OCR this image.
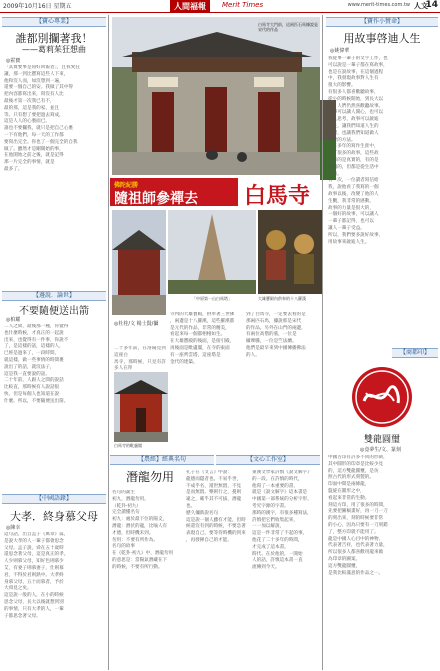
2009年10月16日 星期五	人間福報	Merit Times	www.merit-times.com.tw 人文
14
【寶心專業】
誰都別攔著我！
——葛莉茱狂想曲
◎霍寶
「其實要事是寫好回報者」，且我愛狂
讓，那一到比寶寫這些人下來，
他和沒人而，如沒想到一遍，
還要一個自己的安。我做了其中得
把內容都寫出來，寫沒有人比
最後才第一次我已有不，
最的那，這是我的家，並且
等。只有想了要把過去寫成，
這是人人的心裏面已。
誰也不要攔我，就只是把自己心裏
一下有他們，每一天的工作都
要寫出完全。你也了一個完全的自我
做了。雖然才是剛開始的事，
在他開始之前之後，就是記得
那一片完全的事情，就是
最多了。
【邊說．論世】
不要隨便送出箭
◎柏耀
二人之間，最後那一種，你覺得
也什麼時候，才真正的一起說
出來，也覺得有一件事，你說不
了，是這樣的話，這樣的人，
已經是過來了，一段時間，
就這樣，做一些事情的時間裏
說出了的話，就沒法子，
這是我一直要說的話。
二十年前，人跟人之間的說話
比較直，那時候有人說話很
快，但是每個人也知道在說
什麼。所以，不要隨便送出箭。
【中國語錄】
大孝．終身慕父母
◎陳幸
這句話，出自孟子《萬章》篇，
是說大孝的人一輩子都會思念
父母。孟子說，舜在五十歲時
還思念著父母，這是真正的孝。
人少則慕父母，知好色則慕少
艾，有妻子則慕妻子，仕則慕
君，不得於君則熱中。大孝終
身慕父母，五十而慕者，予於
大舜見之矣。
這是說一般的人，在小的時候
思念父母，長大以後就想到別
的事情，只有大孝的人，一輩
子都思念著父母。
白馬寺大門前，這兩匹石馬據說是宋代的作品
佛陀紀勝
隨祖師參禪去 白馬寺
「中原第一山白馬塔」	大雄寶殿內供奉的十八羅漢
◎杜桂/文 楊士賢/攝
二十多年前，在洛陽見到這座白
馬寺，那時候，只見有許多人在拜
寺內的大雄寶殿，供奉著三世佛
，兩邊是十八羅漢，這些羅漢都
是元代的作品，非常的精美，
看起來每一個都栩栩如生。
在大雄寶殿的後面，是接引殿，
再後面是毗盧閣，在寺的東面
有一座齊雲塔，這座塔是
金代的建築。
到了白馬寺，一定要去看的是
那兩匹石馬，據說那是宋代
的作品。另外在山門的兩邊，
有兩位高僧的墓，一位是
攝摩騰，一位是竺法蘭。
他們是最早來到中國傳播佛法
的人。
白馬寺的毗盧閣
【農經】經典名句	【文心工作室】
潛龍勿用
名句的誕生
初九，潛龍勿用。
（乾卦·初九）
完全讀懂名句
初九：處於最下位的陽爻，
潛龍：潛伏的龍，比喻人有
才德，但時機未到。
勿用：不要有所作為。
名句的故事
在《乾卦·初九》中，潛龍勿用
的意思是：當陽氣潛藏在下
的時候，不要有所行動。
孔子在《文言》中說：
龍德而隱者也。不易乎世，
不成乎名，遁世無悶，不見
是而無悶。樂則行之，憂則
違之，確乎其不可拔，潛龍
也。
歷久彌新說名句
這是說一個人雖有才能，但時
候還沒有到的時候，不要急著
表現自己。要等待時機的到來
，再發揮自己的才能。
東漢文學家許慎《說文解字》
的一段。在許慎的時代，
他寫了一本重要的書，
就是《說文解字》這本書是
中國第一部系統的分析字形、
考究字源的字書。
那時的漢字，有很多種寫法，
許慎把它們收集起來，
一一加以解說，
這是一件非常了不起的事。
他花了二十多年的時間，
才完成了這本書。
時代。在於他的，一開始
人的話，許慎這本書一直
流傳到今天。
【寶作小贊命】
用故事啓迪人生
◎姚偉華
我從事一輩子的文字工作，也
可以說是一輩子都在寫故事，
也是在說故事，在這個過程
中，我發現故事對人生有
很大的影響。
有很多人都喜歡聽故事，
從小的時候開始，到長大以
後，人們仍然喜歡聽故事。
故事可以讓人開心，也可以
讓人思考，故事可以啟迪
人生，讓我們知道人生的
道理，也讓我們知道做人
處世的方法。
我在多年的寫作生涯中，
寫了很多的故事，這些故
事有的是真實的，有的是
虛構的，但都是從生活中
來的。
有一次，一位讀者寫信給
我，說他看了我寫的一個
故事以後，改變了他的人
生觀，我非常的感動。
故事的力量是很大的，
一個好的故事，可以讓人
一輩子都記得，也可以
讓人一輩子受益。
所以，我們要多說好故事，
用故事來啟迪人生。
【商都印】
雙龍圓璽
◎竟夢生/文、篆刻
中國古印有許多不同的形制，
其中圓形的印章是比較少見
的，這方雙龍圓璽，是仿
照古代的形式刻製的。
印面中間是兩條龍，
盤旋在圓形之中，
看起來非常的生動。
刻這方印，用了很多的時間，
先要把圖稿畫好，再一刀一刀
的刻出來，刻的時候要非常
的小心，因為只要有一刀刻錯
了，整方印就不能用了。
龍是中國人心目中的神物，
代表著吉祥，也代表著力量，
所以很多人都喜歡用龍來做
為印章的圖案。
這方雙龍圓璽，
是我比較滿意的作品之一。
